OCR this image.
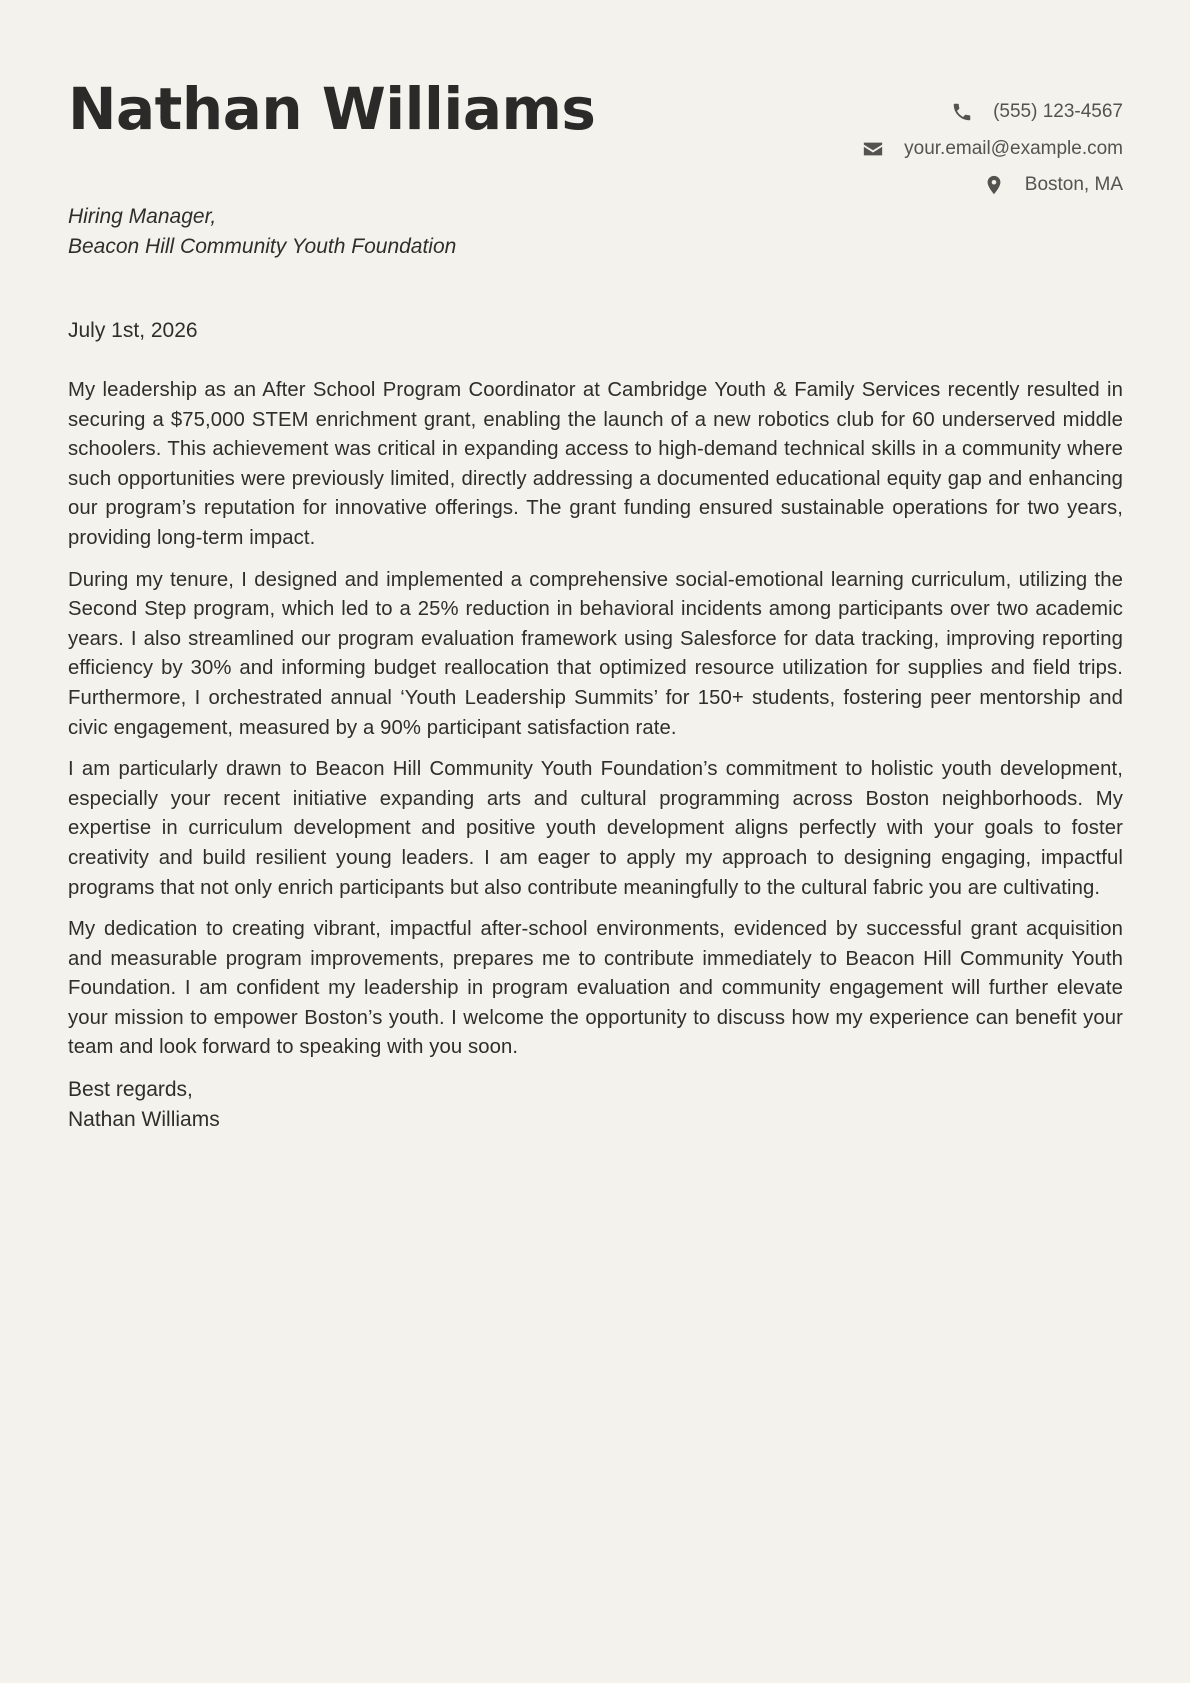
Nathan Williams	(555) 123-4567
your.email@example.com
Boston, MA
Hiring Manager,
Beacon Hill Community Youth Foundation
July 1st, 2026

My leadership as an After School Program Coordinator at Cambridge Youth & Family Services recently resulted in securing a $75,000 STEM enrichment grant, enabling the launch of a new robotics club for 60 underserved middle schoolers. This achievement was critical in expanding access to high-demand technical skills in a community where such opportunities were previously limited, directly addressing a documented educational equity gap and enhancing our program’s reputation for innovative offerings. The grant funding ensured sustainable operations for two years, providing long-term impact.

During my tenure, I designed and implemented a comprehensive social-emotional learning curriculum, utilizing the Second Step program, which led to a 25% reduction in behavioral incidents among participants over two academic years. I also streamlined our program evaluation framework using Salesforce for data tracking, improving reporting efficiency by 30% and informing budget reallocation that optimized resource utilization for supplies and field trips. Furthermore, I orchestrated annual ‘Youth Leadership Summits’ for 150+ students, fostering peer mentorship and civic engagement, measured by a 90% participant satisfaction rate.

I am particularly drawn to Beacon Hill Community Youth Foundation’s commitment to holistic youth development, especially your recent initiative expanding arts and cultural programming across Boston neighborhoods. My expertise in curriculum development and positive youth development aligns perfectly with your goals to foster creativity and build resilient young leaders. I am eager to apply my approach to designing engaging, impactful programs that not only enrich participants but also contribute meaningfully to the cultural fabric you are cultivating.

My dedication to creating vibrant, impactful after-school environments, evidenced by successful grant acquisition and measurable program improvements, prepares me to contribute immediately to Beacon Hill Community Youth Foundation. I am confident my leadership in program evaluation and community engagement will further elevate your mission to empower Boston’s youth. I welcome the opportunity to discuss how my experience can benefit your team and look forward to speaking with you soon.

Best regards,
Nathan Williams
